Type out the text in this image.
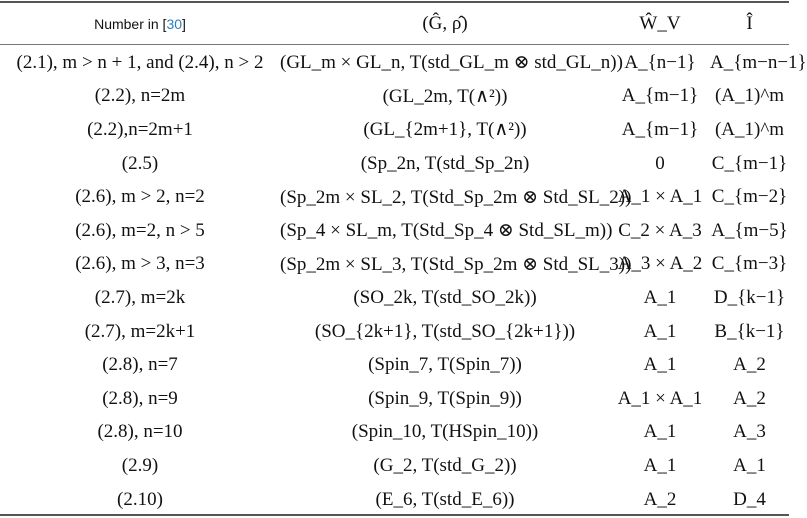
Number in [30]	(Ĝ, ρ̂)	Ŵ_V	Î
(2.1), m > n + 1, and (2.4), n > 2	(GL_m × GL_n, T(std_GL_m ⊗ std_GL_n))	A_{n−1}	A_{m−n−1}
(2.2), n=2m	(GL_2m, T(∧²))	A_{m−1}	(A_1)^m
(2.2),n=2m+1	(GL_{2m+1}, T(∧²))	A_{m−1}	(A_1)^m
(2.5)	(Sp_2n, T(std_Sp_2n)	0	C_{m−1}
(2.6), m > 2, n=2	(Sp_2m × SL_2, T(Std_Sp_2m ⊗ Std_SL_2))	A_1 × A_1	C_{m−2}
(2.6), m=2, n > 5	(Sp_4 × SL_m, T(Std_Sp_4 ⊗ Std_SL_m))	C_2 × A_3	A_{m−5}
(2.6), m > 3, n=3	(Sp_2m × SL_3, T(Std_Sp_2m ⊗ Std_SL_3))	A_3 × A_2	C_{m−3}
(2.7), m=2k	(SO_2k, T(std_SO_2k))	A_1	D_{k−1}
(2.7), m=2k+1	(SO_{2k+1}, T(std_SO_{2k+1}))	A_1	B_{k−1}
(2.8), n=7	(Spin_7, T(Spin_7))	A_1	A_2
(2.8), n=9	(Spin_9, T(Spin_9))	A_1 × A_1	A_2
(2.8), n=10	(Spin_10, T(HSpin_10))	A_1	A_3
(2.9)	(G_2, T(std_G_2))	A_1	A_1
(2.10)	(E_6, T(std_E_6))	A_2	D_4
